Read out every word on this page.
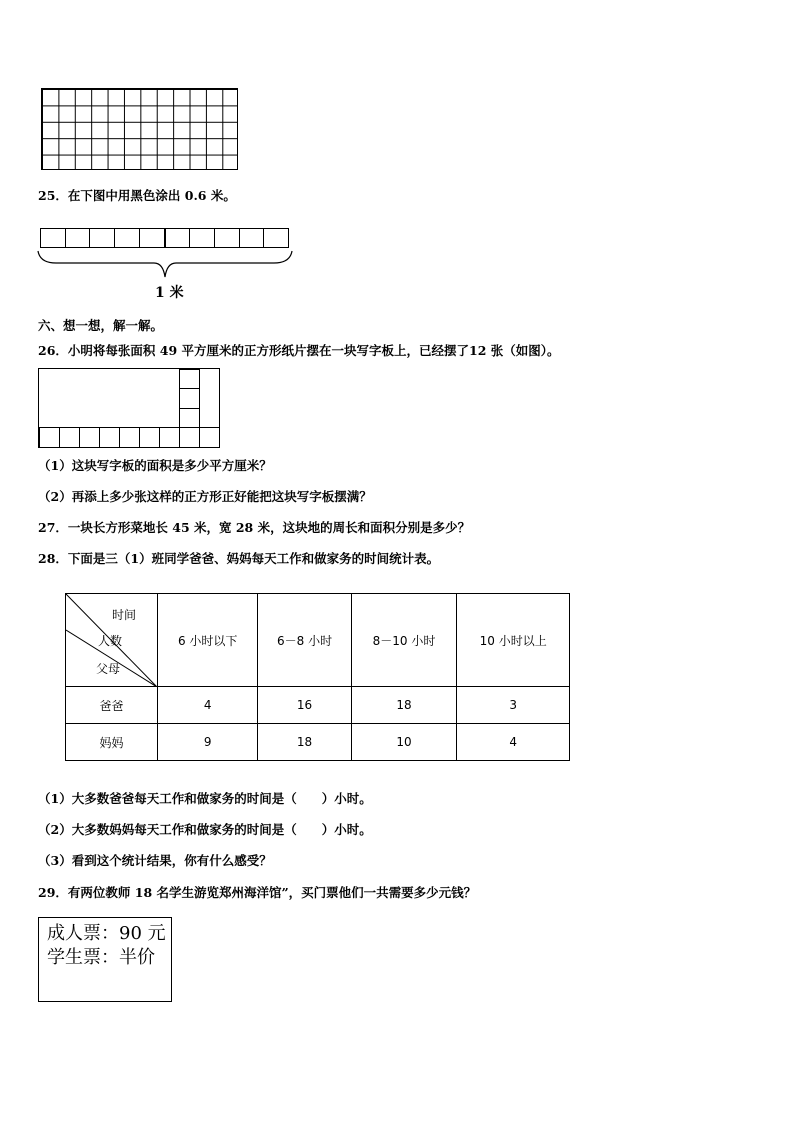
25．在下图中用黑色涂出 0.6 米。
1 米
六、想一想，解一解。
26．小明将每张面积 49 平方厘米的正方形纸片摆在一块写字板上，已经摆了12 张（如图）。
（1）这块写字板的面积是多少平方厘米？
（2）再添上多少张这样的正方形正好能把这块写字板摆满？
27．一块长方形菜地长 45 米，宽 28 米，这块地的周长和面积分别是多少？
28．下面是三（1）班同学爸爸、妈妈每天工作和做家务的时间统计表。
时间
人数
父母	6 小时以下	6－8 小时	8－10 小时	10 小时以上
爸爸	4	16	18	3
妈妈	9	18	10	4
（1）大多数爸爸每天工作和做家务的时间是（　　）小时。
（2）大多数妈妈每天工作和做家务的时间是（　　）小时。
（3）看到这个统计结果，你有什么感受？
29．有两位教师 18 名学生游览郑州海洋馆”，买门票他们一共需要多少元钱？
成人票：90 元
学生票：半价
